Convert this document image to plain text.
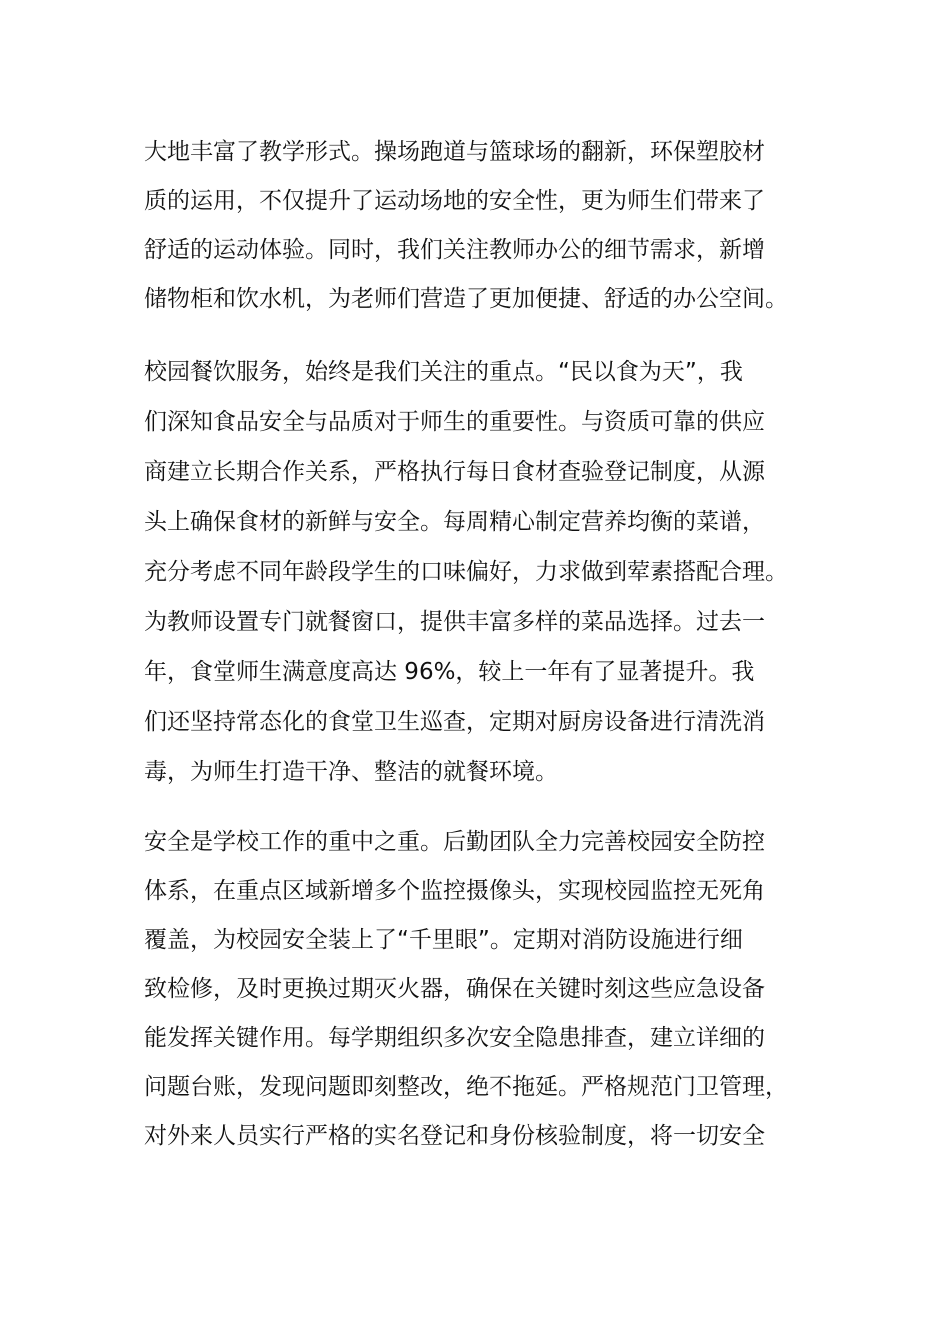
大地丰富了教学形式。操场跑道与篮球场的翻新，环保塑胶材
质的运用，不仅提升了运动场地的安全性，更为师生们带来了
舒适的运动体验。同时，我们关注教师办公的细节需求，新增
储物柜和饮水机，为老师们营造了更加便捷、舒适的办公空间。
校园餐饮服务，始终是我们关注的重点。“民以食为天”，我
们深知食品安全与品质对于师生的重要性。与资质可靠的供应
商建立长期合作关系，严格执行每日食材查验登记制度，从源
头上确保食材的新鲜与安全。每周精心制定营养均衡的菜谱，
充分考虑不同年龄段学生的口味偏好，力求做到荤素搭配合理。
为教师设置专门就餐窗口，提供丰富多样的菜品选择。过去一
年，食堂师生满意度高达 96%，较上一年有了显著提升。我
们还坚持常态化的食堂卫生巡查，定期对厨房设备进行清洗消
毒，为师生打造干净、整洁的就餐环境。
安全是学校工作的重中之重。后勤团队全力完善校园安全防控
体系，在重点区域新增多个监控摄像头，实现校园监控无死角
覆盖，为校园安全装上了“千里眼”。定期对消防设施进行细
致检修，及时更换过期灭火器，确保在关键时刻这些应急设备
能发挥关键作用。每学期组织多次安全隐患排查，建立详细的
问题台账，发现问题即刻整改，绝不拖延。严格规范门卫管理，
对外来人员实行严格的实名登记和身份核验制度，将一切安全
